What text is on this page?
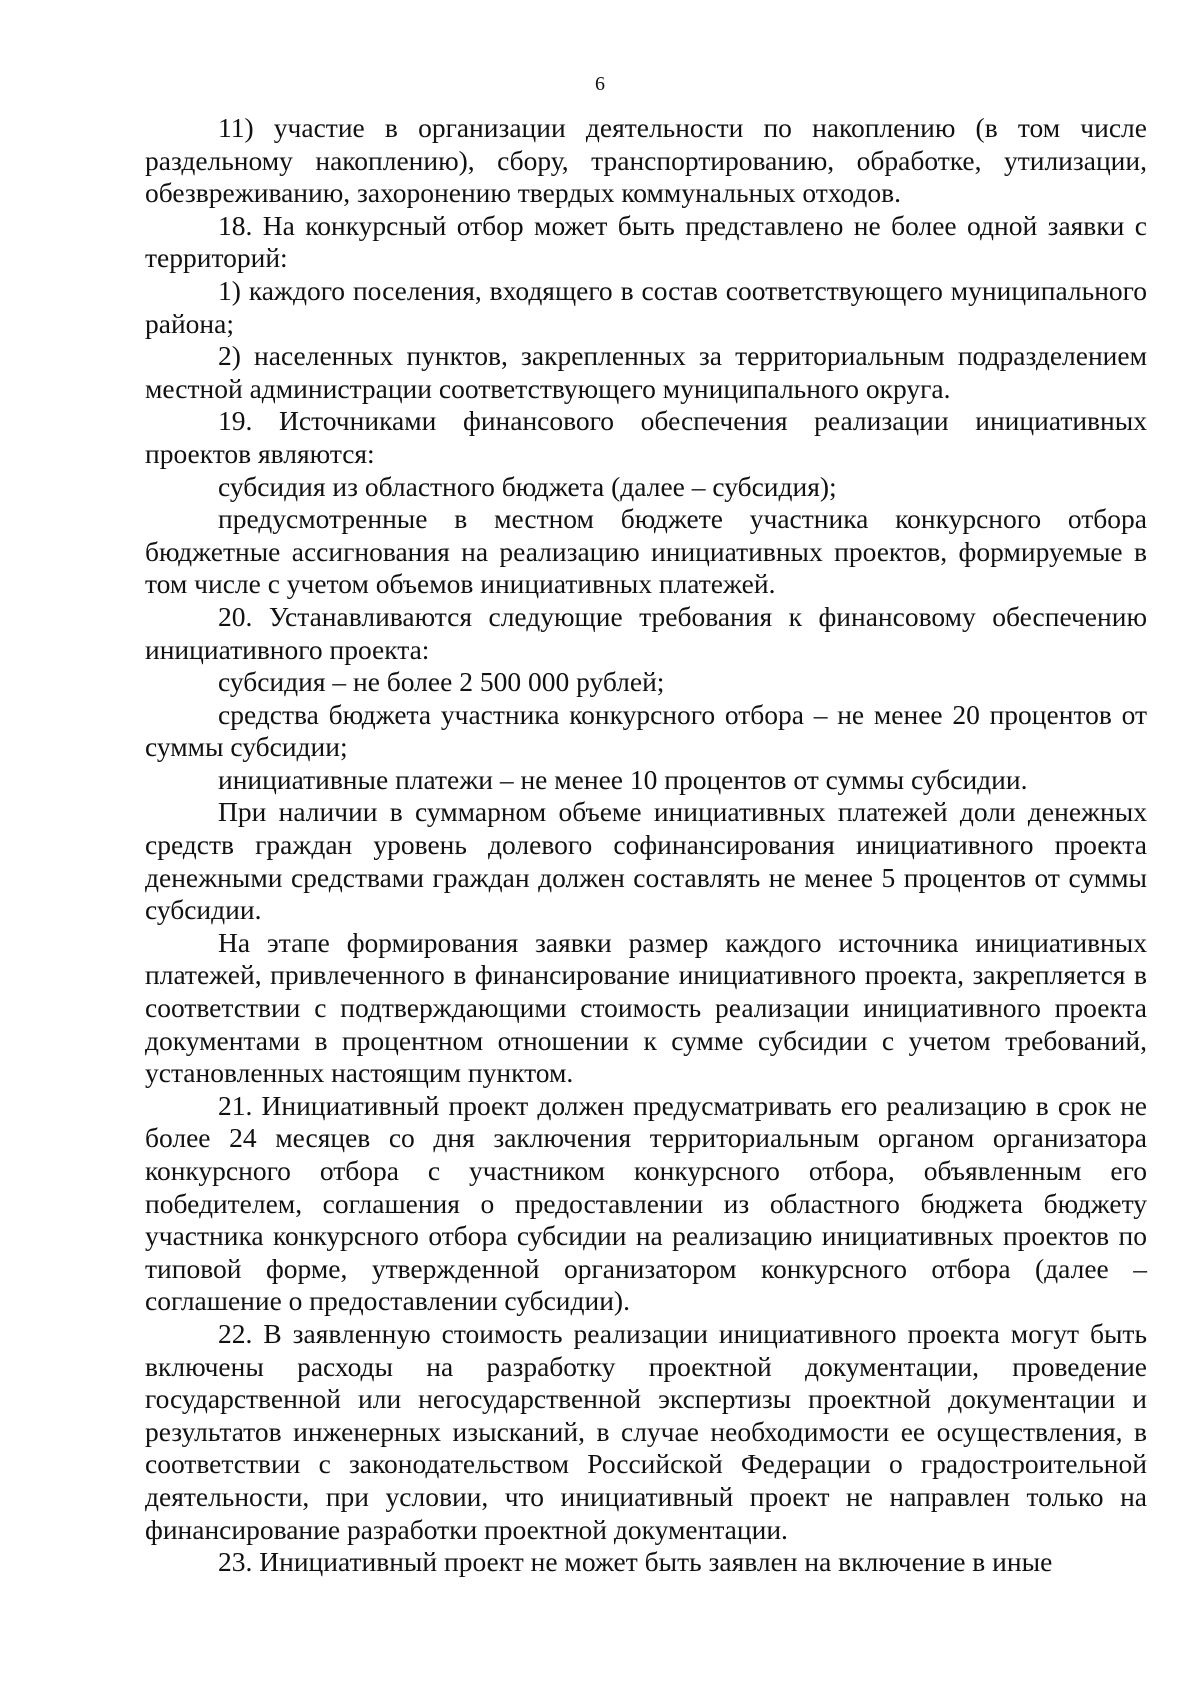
6

11) участие в организации деятельности по накоплению (в том числе раздельному накоплению), сбору, транспортированию, обработке, утилизации, обезвреживанию, захоронению твердых коммунальных отходов.

18. На конкурсный отбор может быть представлено не более одной заявки с территорий:

1) каждого поселения, входящего в состав соответствующего муниципального района;

2) населенных пунктов, закрепленных за территориальным подразделением местной администрации соответствующего муниципального округа.

19. Источниками финансового обеспечения реализации инициативных проектов являются:

субсидия из областного бюджета (далее – субсидия);

предусмотренные в местном бюджете участника конкурсного отбора бюджетные ассигнования на реализацию инициативных проектов, формируемые в том числе с учетом объемов инициативных платежей.

20. Устанавливаются следующие требования к финансовому обеспечению инициативного проекта:

субсидия – не более 2 500 000 рублей;

средства бюджета участника конкурсного отбора – не менее 20 процентов от суммы субсидии;

инициативные платежи – не менее 10 процентов от суммы субсидии.

При наличии в суммарном объеме инициативных платежей доли денежных средств граждан уровень долевого софинансирования инициативного проекта денежными средствами граждан должен составлять не менее 5 процентов от суммы субсидии.

На этапе формирования заявки размер каждого источника инициативных платежей, привлеченного в финансирование инициативного проекта, закрепляется в соответствии с подтверждающими стоимость реализации инициативного проекта документами в процентном отношении к сумме субсидии с учетом требований, установленных настоящим пунктом.

21. Инициативный проект должен предусматривать его реализацию в срок не более 24 месяцев со дня заключения территориальным органом организатора конкурсного отбора с участником конкурсного отбора, объявленным его победителем, соглашения о предоставлении из областного бюджета бюджету участника конкурсного отбора субсидии на реализацию инициативных проектов по типовой форме, утвержденной организатором конкурсного отбора (далее – соглашение о предоставлении субсидии).

22. В заявленную стоимость реализации инициативного проекта могут быть включены расходы на разработку проектной документации, проведение государственной или негосударственной экспертизы проектной документации и результатов инженерных изысканий, в случае необходимости ее осуществления, в соответствии с законодательством Российской Федерации о градостроительной деятельности, при условии, что инициативный проект не направлен только на финансирование разработки проектной документации.

23. Инициативный проект не может быть заявлен на включение в иные
